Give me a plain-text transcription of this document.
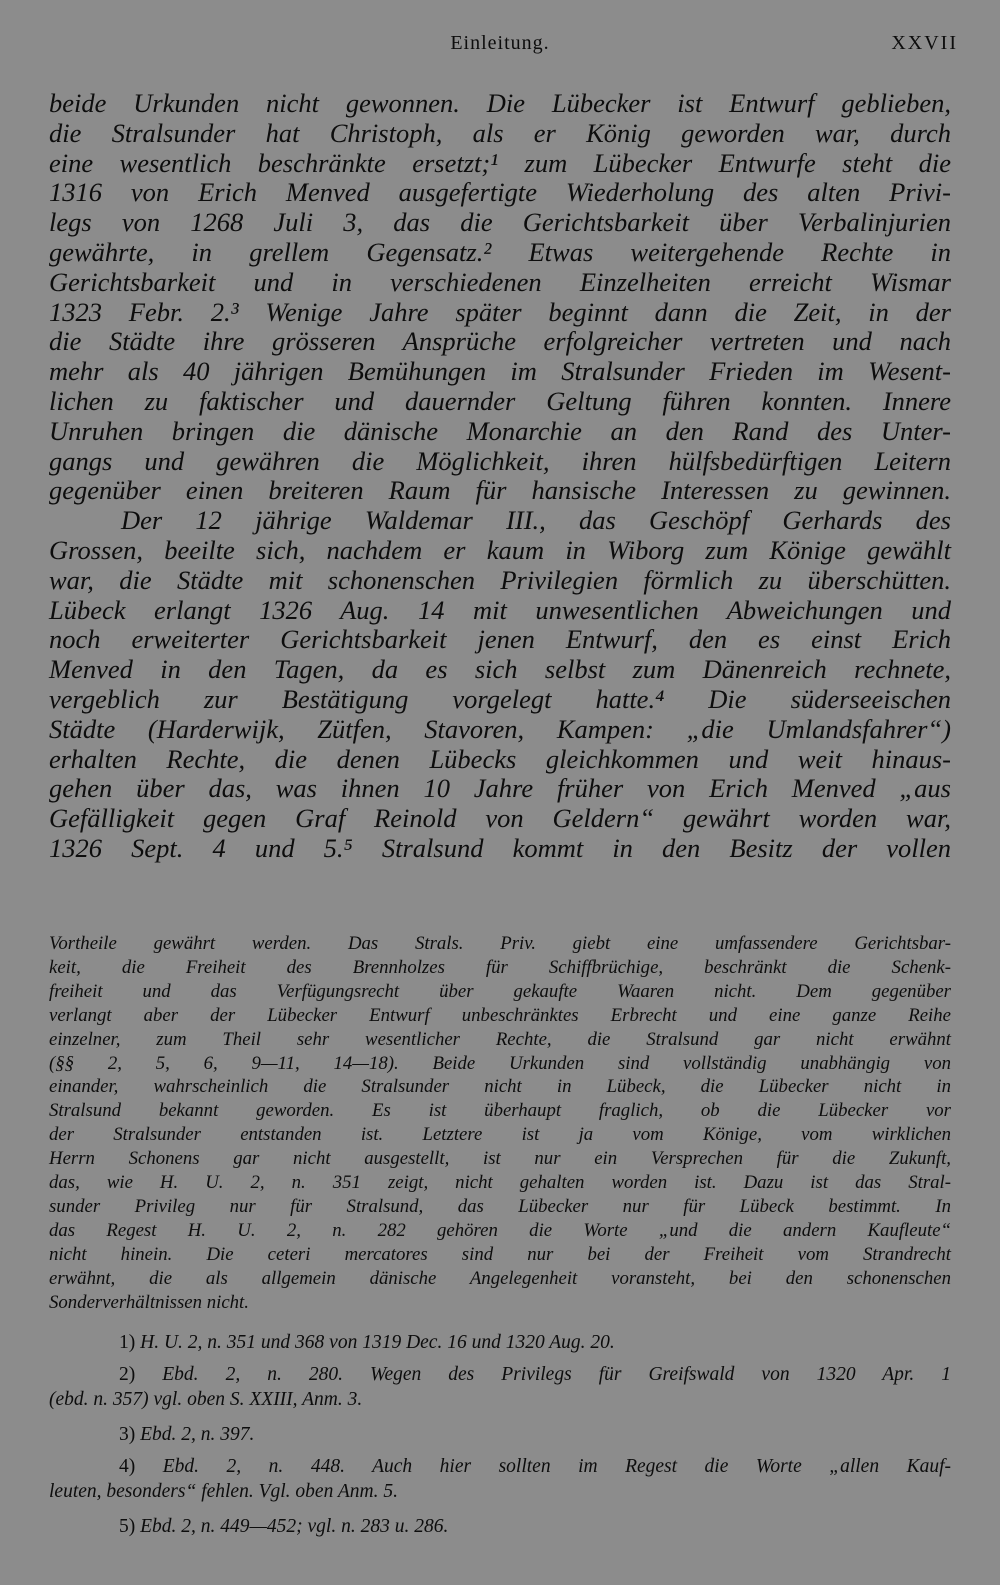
Einleitung.	XXVII
beide Urkunden nicht gewonnen. Die Lübecker ist Entwurf geblieben,
die Stralsunder hat Christoph, als er König geworden war, durch
eine wesentlich beschränkte ersetzt;¹ zum Lübecker Entwurfe steht die
1316 von Erich Menved ausgefertigte Wiederholung des alten Privi-
legs von 1268 Juli 3, das die Gerichtsbarkeit über Verbalinjurien
gewährte, in grellem Gegensatz.² Etwas weitergehende Rechte in
Gerichtsbarkeit und in verschiedenen Einzelheiten erreicht Wismar
1323 Febr. 2.³ Wenige Jahre später beginnt dann die Zeit, in der
die Städte ihre grösseren Ansprüche erfolgreicher vertreten und nach
mehr als 40 jährigen Bemühungen im Stralsunder Frieden im Wesent-
lichen zu faktischer und dauernder Geltung führen konnten. Innere
Unruhen bringen die dänische Monarchie an den Rand des Unter-
gangs und gewähren die Möglichkeit, ihren hülfsbedürftigen Leitern
gegenüber einen breiteren Raum für hansische Interessen zu gewinnen.
Der 12 jährige Waldemar III., das Geschöpf Gerhards des
Grossen, beeilte sich, nachdem er kaum in Wiborg zum Könige gewählt
war, die Städte mit schonenschen Privilegien förmlich zu überschütten.
Lübeck erlangt 1326 Aug. 14 mit unwesentlichen Abweichungen und
noch erweiterter Gerichtsbarkeit jenen Entwurf, den es einst Erich
Menved in den Tagen, da es sich selbst zum Dänenreich rechnete,
vergeblich zur Bestätigung vorgelegt hatte.⁴ Die süderseeischen
Städte (Harderwijk, Zütfen, Stavoren, Kampen: „die Umlandsfahrer“)
erhalten Rechte, die denen Lübecks gleichkommen und weit hinaus-
gehen über das, was ihnen 10 Jahre früher von Erich Menved „aus
Gefälligkeit gegen Graf Reinold von Geldern“ gewährt worden war,
1326 Sept. 4 und 5.⁵ Stralsund kommt in den Besitz der vollen
Vortheile gewährt werden. Das Strals. Priv. giebt eine umfassendere Gerichtsbar-
keit, die Freiheit des Brennholzes für Schiffbrüchige, beschränkt die Schenk-
freiheit und das Verfügungsrecht über gekaufte Waaren nicht. Dem gegenüber
verlangt aber der Lübecker Entwurf unbeschränktes Erbrecht und eine ganze Reihe
einzelner, zum Theil sehr wesentlicher Rechte, die Stralsund gar nicht erwähnt
(§§ 2, 5, 6, 9—11, 14—18). Beide Urkunden sind vollständig unabhängig von
einander, wahrscheinlich die Stralsunder nicht in Lübeck, die Lübecker nicht in
Stralsund bekannt geworden. Es ist überhaupt fraglich, ob die Lübecker vor
der Stralsunder entstanden ist. Letztere ist ja vom Könige, vom wirklichen
Herrn Schonens gar nicht ausgestellt, ist nur ein Versprechen für die Zukunft,
das, wie H. U. 2, n. 351 zeigt, nicht gehalten worden ist. Dazu ist das Stral-
sunder Privileg nur für Stralsund, das Lübecker nur für Lübeck bestimmt. In
das Regest H. U. 2, n. 282 gehören die Worte „und die andern Kaufleute“
nicht hinein. Die ceteri mercatores sind nur bei der Freiheit vom Strandrecht
erwähnt, die als allgemein dänische Angelegenheit voransteht, bei den schonenschen
Sonderverhältnissen nicht.
1) H. U. 2, n. 351 und 368 von 1319 Dec. 16 und 1320 Aug. 20.
2) Ebd. 2, n. 280. Wegen des Privilegs für Greifswald von 1320 Apr. 1
(ebd. n. 357) vgl. oben S. XXIII, Anm. 3.
3) Ebd. 2, n. 397.
4) Ebd. 2, n. 448. Auch hier sollten im Regest die Worte „allen Kauf-
leuten, besonders“ fehlen. Vgl. oben Anm. 5.
5) Ebd. 2, n. 449—452; vgl. n. 283 u. 286.
